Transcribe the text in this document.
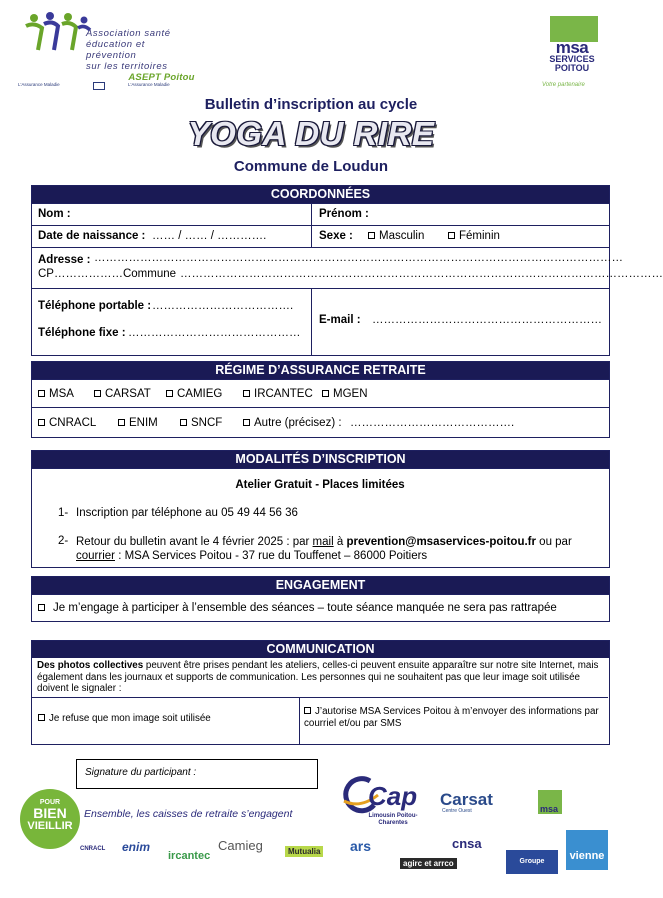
Association santé
éducation et prévention
sur les territoires
ASEPT Poitou
L'Assurance Maladie	L'Assurance Maladie
msa
SERVICES
POITOU
Votre partenaire
Bulletin d’inscription au cycle
YOGA DU RIRE
Commune de Loudun
COORDONNÉES
Nom :	Prénom :
Date de naissance : …… / …… / ………….	Sexe :	Masculin	Féminin
Adresse : …………………………………………………………………………………………………………………………
CP………………Commune ………………………………………………………………………………………………………………
Téléphone portable : ……………………………….
Téléphone fixe : ………………………………………
E-mail : ……………………………………………………
RÉGIME D’ASSURANCE RETRAITE
MSA	CARSAT	CAMIEG	IRCANTEC	MGEN
CNRACL	ENIM	SNCF	Autre (précisez) : …………………………………….
MODALITÉS D’INSCRIPTION
Atelier Gratuit - Places limitées
1- Inscription par téléphone au 05 49 44 56 36
2- Retour du bulletin avant le 4 février 2025 : par mail à prevention@msaservices-poitou.fr ou par
courrier : MSA Services Poitou - 37 rue du Touffenet – 86000 Poitiers
ENGAGEMENT
Je m’engage à participer à l’ensemble des séances – toute séance manquée ne sera pas rattrapée
COMMUNICATION
Des photos collectives peuvent être prises pendant les ateliers, celles-ci peuvent ensuite apparaître sur notre site Internet, mais également dans les journaux et supports de communication. Les personnes qui ne souhaitent pas que leur image soit utilisée doivent le signaler :
Je refuse que mon image soit utilisée
J’autorise MSA Services Poitou à m’envoyer des informations par courriel et/ou par SMS
Signature du participant :
POUR
BIEN
VIEILLIR
Ensemble, les caisses de retraite s’engagent
Cap
Limousin Poitou-Charentes
Carsat
Centre Ouest	msa
CNRACL enim
ircantec
Camieg	Mutualia ars
agirc et arrco
cnsa
Groupe AGRICA
vienne
